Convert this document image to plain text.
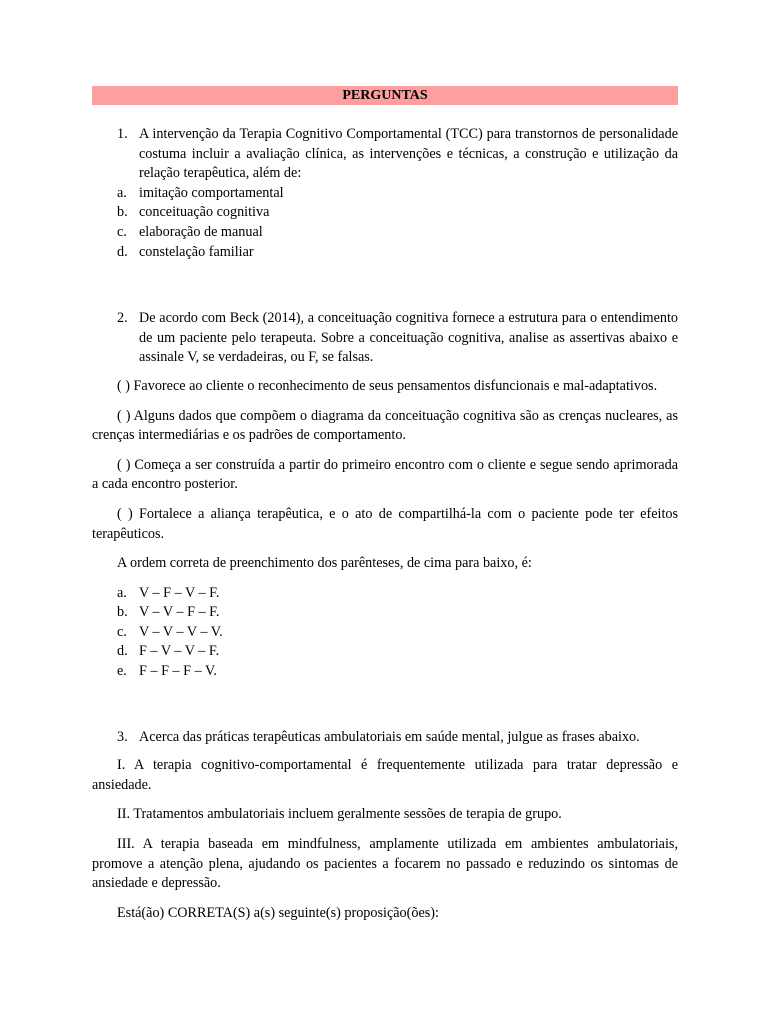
PERGUNTAS
1. A intervenção da Terapia Cognitivo Comportamental (TCC) para transtornos de personalidade costuma incluir a avaliação clínica, as intervenções e técnicas, a construção e utilização da relação terapêutica, além de:
a. imitação comportamental
b. conceituação cognitiva
c. elaboração de manual
d. constelação familiar
2. De acordo com Beck (2014), a conceituação cognitiva fornece a estrutura para o entendimento de um paciente pelo terapeuta. Sobre a conceituação cognitiva, analise as assertivas abaixo e assinale V, se verdadeiras, ou F, se falsas.

( ) Favorece ao cliente o reconhecimento de seus pensamentos disfuncionais e mal-adaptativos.

( ) Alguns dados que compõem o diagrama da conceituação cognitiva são as crenças nucleares, as crenças intermediárias e os padrões de comportamento.

( ) Começa a ser construída a partir do primeiro encontro com o cliente e segue sendo aprimorada a cada encontro posterior.

( ) Fortalece a aliança terapêutica, e o ato de compartilhá-la com o paciente pode ter efeitos terapêuticos.

A ordem correta de preenchimento dos parênteses, de cima para baixo, é:

a. V – F – V – F.
b. V – V – F – F.
c. V – V – V – V.
d. F – V – V – F.
e. F – F – F – V.
3. Acerca das práticas terapêuticas ambulatoriais em saúde mental, julgue as frases abaixo.

I. A terapia cognitivo-comportamental é frequentemente utilizada para tratar depressão e ansiedade.

II. Tratamentos ambulatoriais incluem geralmente sessões de terapia de grupo.

III. A terapia baseada em mindfulness, amplamente utilizada em ambientes ambulatoriais, promove a atenção plena, ajudando os pacientes a focarem no passado e reduzindo os sintomas de ansiedade e depressão.

Está(ão) CORRETA(S) a(s) seguinte(s) proposição(ões):
